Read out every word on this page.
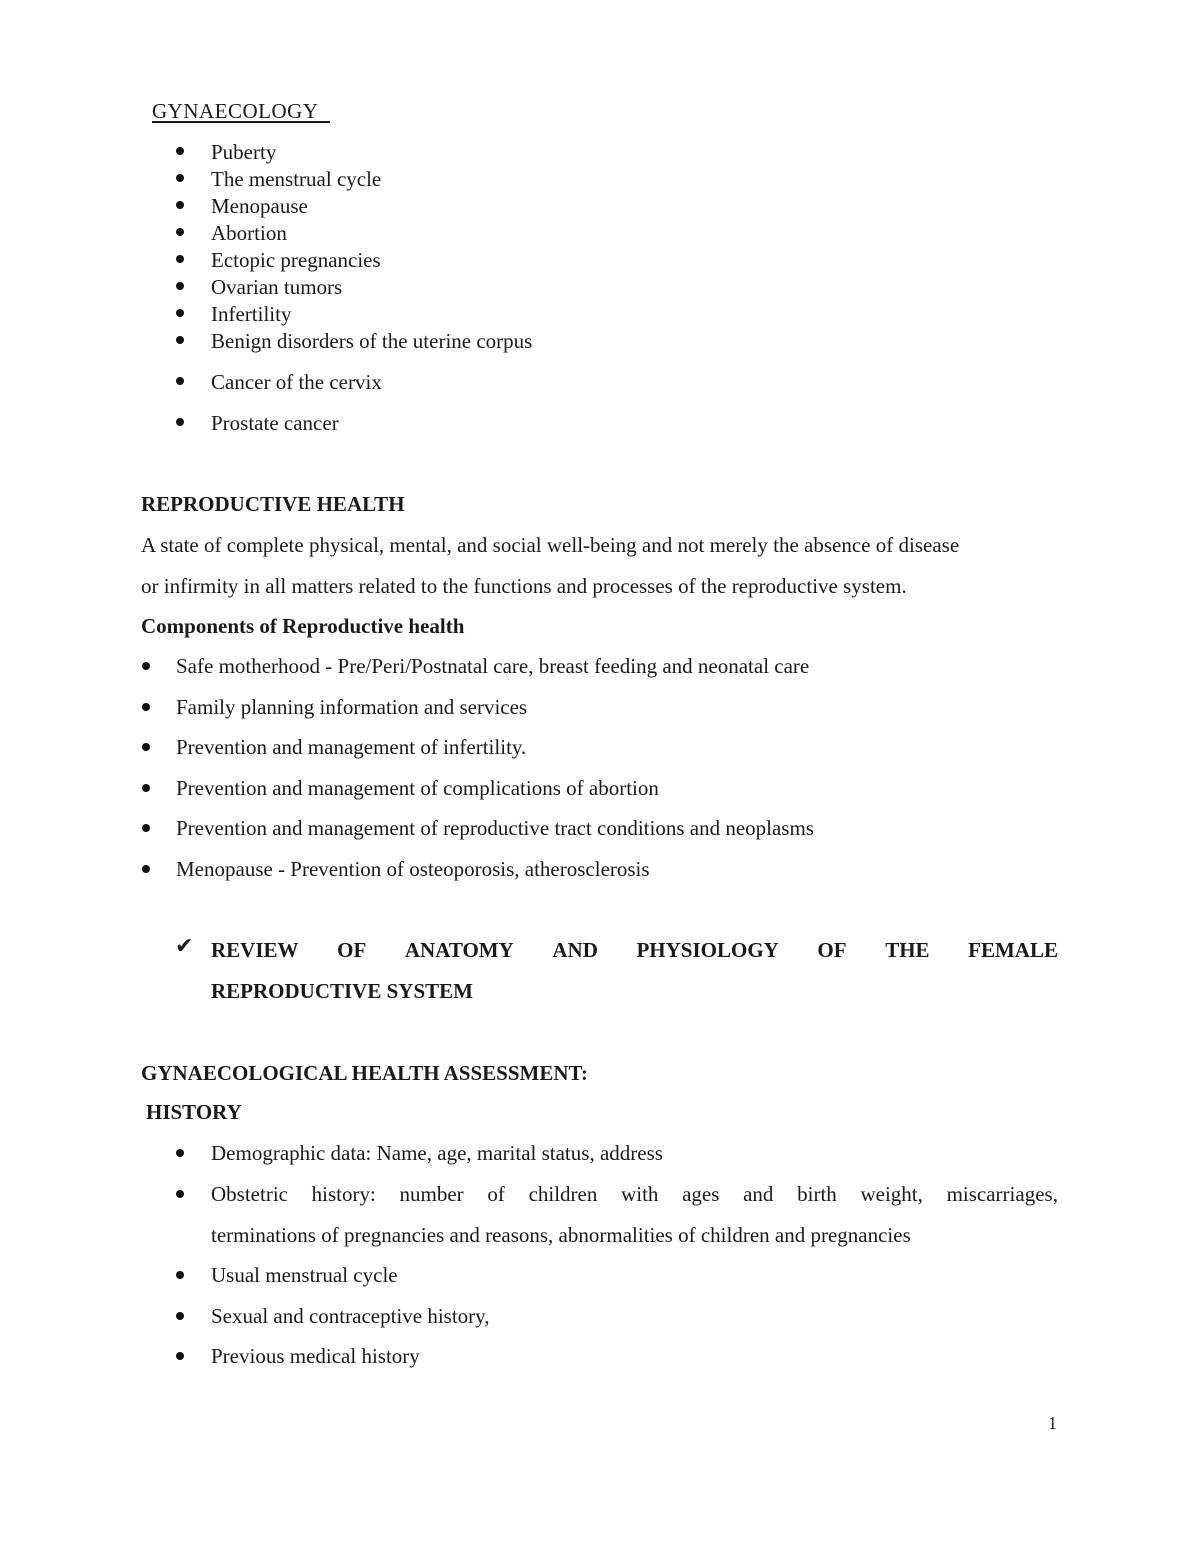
GYNAECOLOGY
Puberty
The menstrual cycle
Menopause
Abortion
Ectopic pregnancies
Ovarian tumors
Infertility
Benign disorders of the uterine corpus
Cancer of the cervix
Prostate cancer
REPRODUCTIVE HEALTH
A state of complete physical, mental, and social well-being and not merely the absence of disease
or infirmity in all matters related to the functions and processes of the reproductive system.
Components of Reproductive health
Safe motherhood - Pre/Peri/Postnatal care, breast feeding and neonatal care
Family planning information and services
Prevention and management of infertility.
Prevention and management of complications of abortion
Prevention and management of reproductive tract conditions and neoplasms
Menopause - Prevention of osteoporosis, atherosclerosis
✔ REVIEW OF ANATOMY AND PHYSIOLOGY OF THE FEMALE
REPRODUCTIVE SYSTEM
GYNAECOLOGICAL HEALTH ASSESSMENT:
HISTORY
Demographic data: Name, age, marital status, address
Obstetric history: number of children with ages and birth weight, miscarriages,
terminations of pregnancies and reasons, abnormalities of children and pregnancies
Usual menstrual cycle
Sexual and contraceptive history,
Previous medical history
1
